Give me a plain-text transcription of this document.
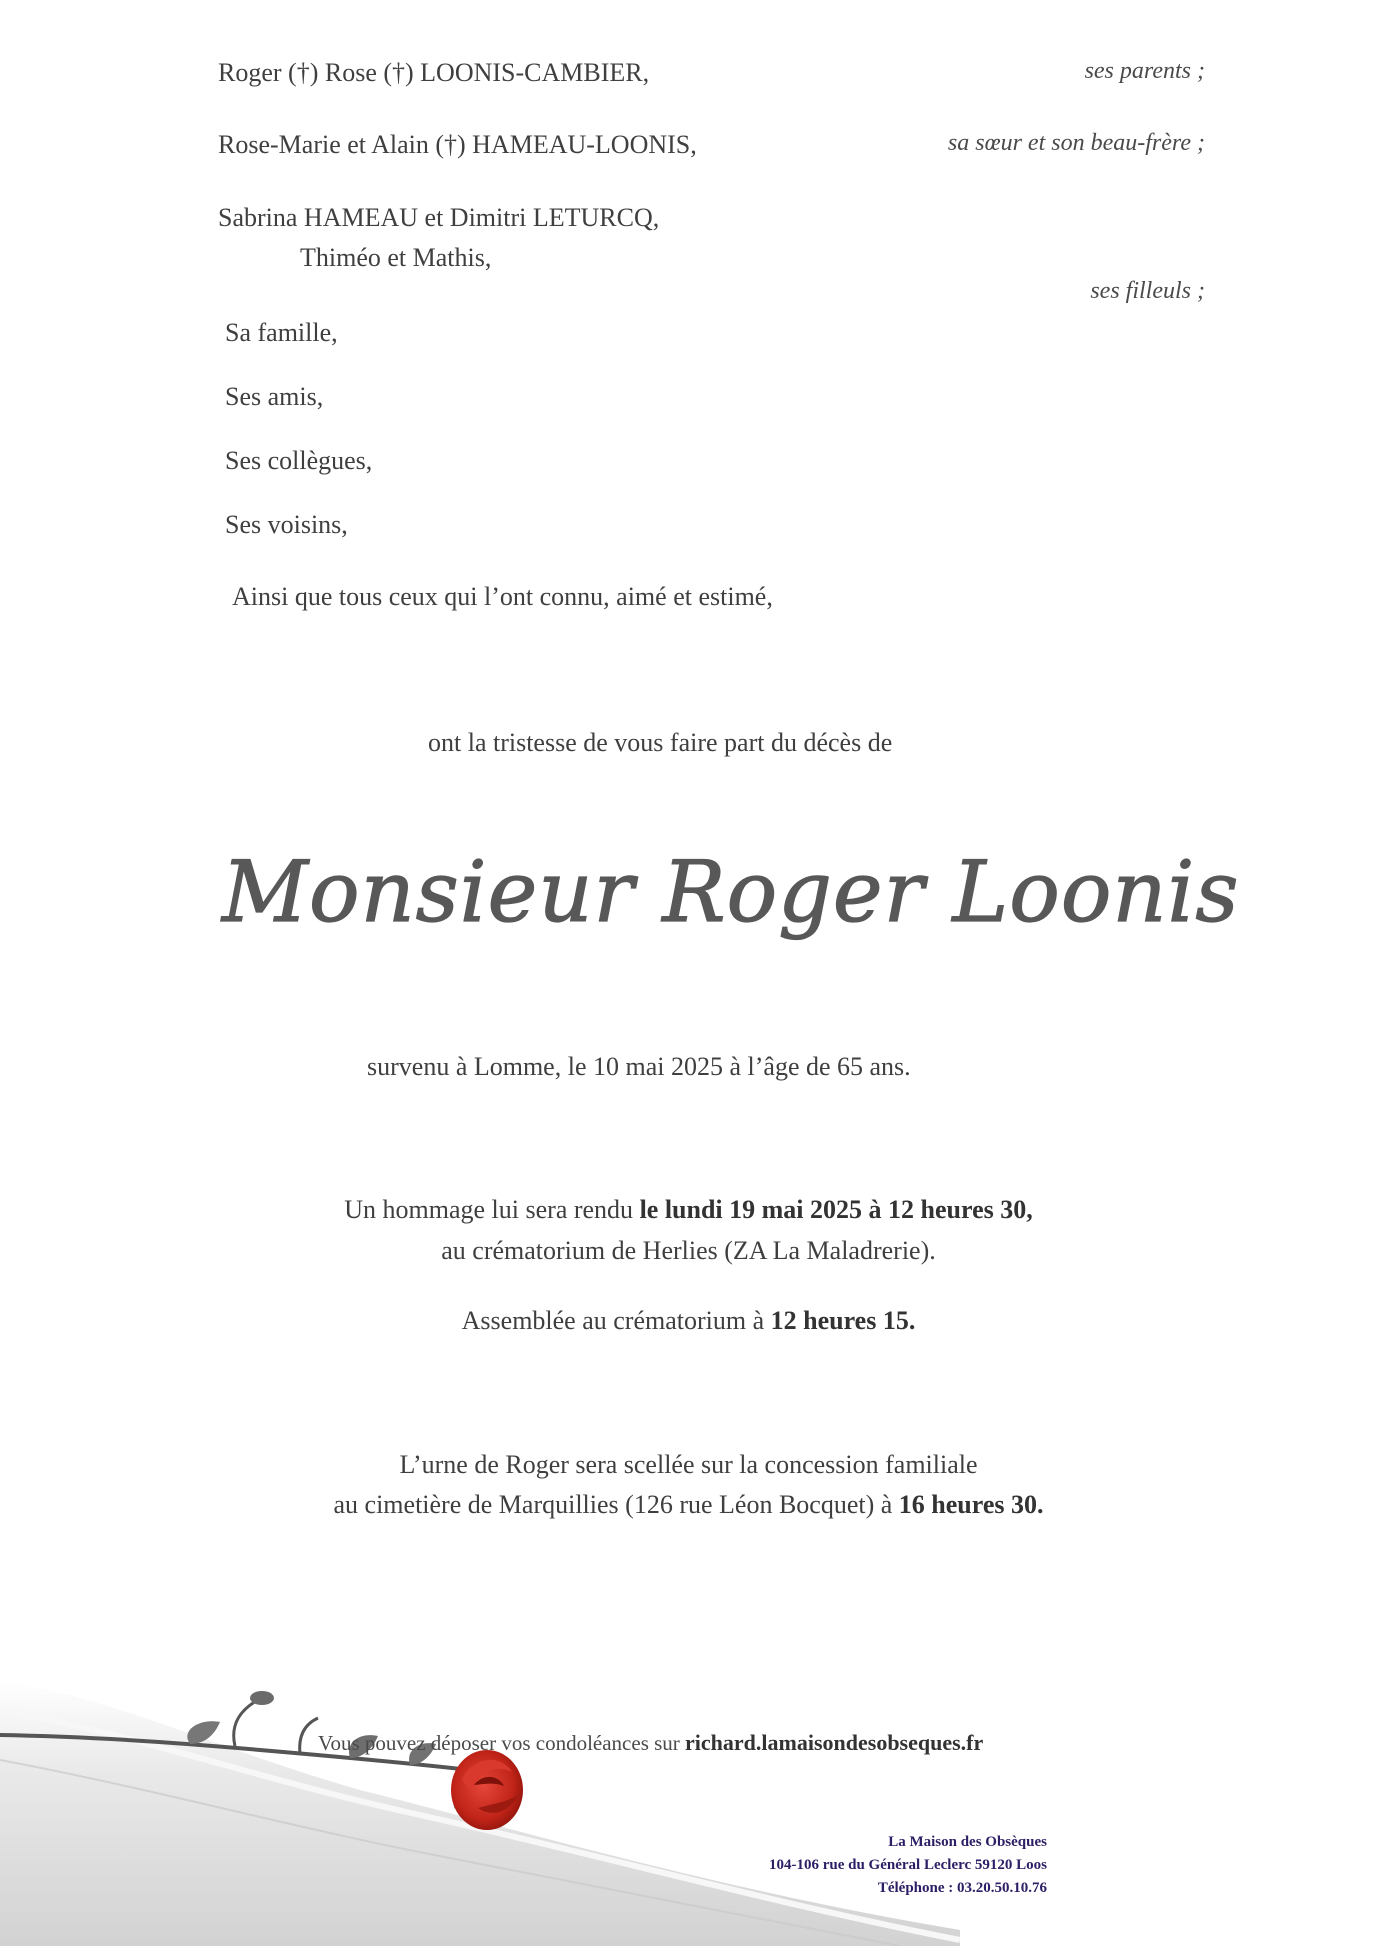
Roger (†) Rose (†) LOONIS-CAMBIER,	ses parents ;
Rose-Marie et Alain (†) HAMEAU-LOONIS,	sa sœur et son beau-frère ;
Sabrina HAMEAU et Dimitri LETURCQ,
Thiméo et Mathis,
ses filleuls ;
Sa famille,
Ses amis,
Ses collègues,
Ses voisins,
Ainsi que tous ceux qui l’ont connu, aimé et estimé,
ont la tristesse de vous faire part du décès de
Monsieur Roger Loonis
survenu à Lomme, le 10 mai 2025 à l’âge de 65 ans.
Un hommage lui sera rendu le lundi 19 mai 2025 à 12 heures 30,
au crématorium de Herlies (ZA La Maladrerie).
Assemblée au crématorium à 12 heures 15.
L’urne de Roger sera scellée sur la concession familiale
au cimetière de Marquillies (126 rue Léon Bocquet) à 16 heures 30.
Vous pouvez déposer vos condoléances sur richard.lamaisondesobseques.fr
La Maison des Obsèques
104-106 rue du Général Leclerc 59120 Loos
Téléphone : 03.20.50.10.76
